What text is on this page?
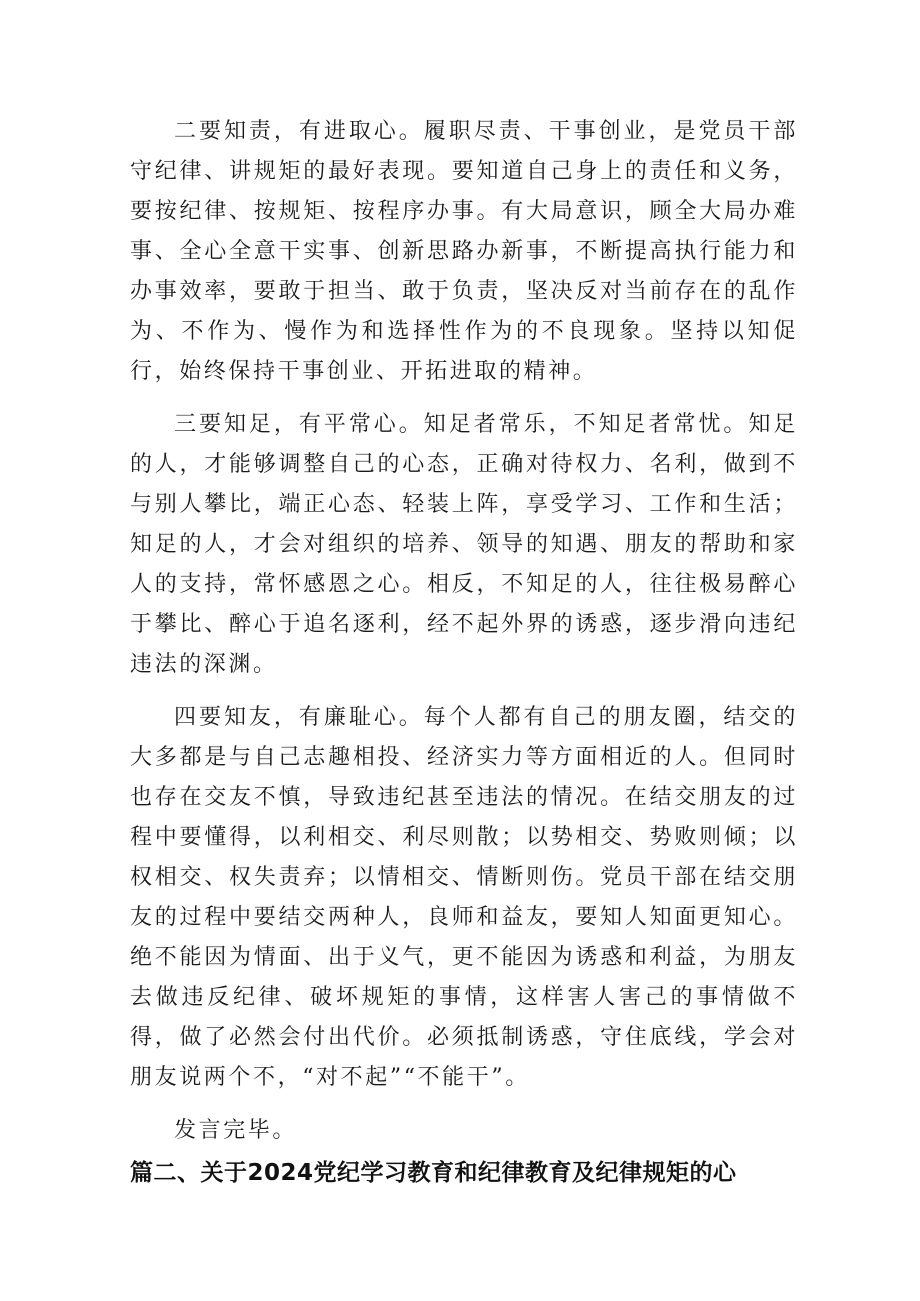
二要知责，有进取心。履职尽责、干事创业，是党员干部守纪律、讲规矩的最好表现。要知道自己身上的责任和义务，要按纪律、按规矩、按程序办事。有大局意识，顾全大局办难事、全心全意干实事、创新思路办新事，不断提高执行能力和办事效率，要敢于担当、敢于负责，坚决反对当前存在的乱作为、不作为、慢作为和选择性作为的不良现象。坚持以知促行，始终保持干事创业、开拓进取的精神。

三要知足，有平常心。知足者常乐，不知足者常忧。知足的人，才能够调整自己的心态，正确对待权力、名利，做到不与别人攀比，端正心态、轻装上阵，享受学习、工作和生活；知足的人，才会对组织的培养、领导的知遇、朋友的帮助和家人的支持，常怀感恩之心。相反，不知足的人，往往极易醉心于攀比、醉心于追名逐利，经不起外界的诱惑，逐步滑向违纪违法的深渊。

四要知友，有廉耻心。每个人都有自己的朋友圈，结交的大多都是与自己志趣相投、经济实力等方面相近的人。但同时也存在交友不慎，导致违纪甚至违法的情况。在结交朋友的过程中要懂得，以利相交、利尽则散；以势相交、势败则倾；以权相交、权失责弃；以情相交、情断则伤。党员干部在结交朋友的过程中要结交两种人，良师和益友，要知人知面更知心。绝不能因为情面、出于义气，更不能因为诱惑和利益，为朋友去做违反纪律、破坏规矩的事情，这样害人害己的事情做不得，做了必然会付出代价。必须抵制诱惑，守住底线，学会对朋友说两个不，“对不起”“不能干”。

发言完毕。

篇二、关于2024党纪学习教育和纪律教育及纪律规矩的心
